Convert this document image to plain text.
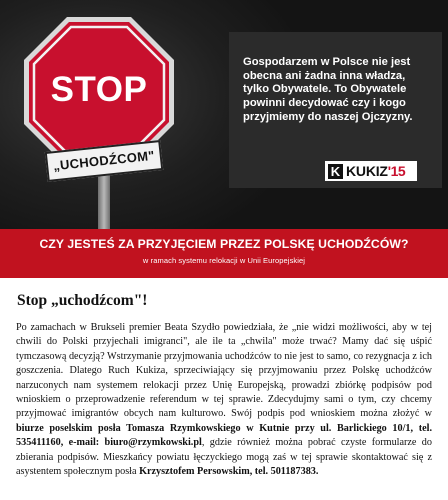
STOP
„UCHODŹCOM"
Gospodarzem w Polsce nie jest obecna ani żadna inna władza, tylko Obywatele. To Obywatele powinni decydować czy i kogo przyjmiemy do naszej Ojczyzny.
K KUKIZ '15
CZY JESTEŚ ZA PRZYJĘCIEM PRZEZ POLSKĘ UCHODŹCÓW?
w ramach systemu relokacji w Unii Europejskiej
Stop „uchodźcom"!
Po zamachach w Brukseli premier Beata Szydło powiedziała, że „nie widzi możliwości, aby w tej chwili do Polski przyjechali imigranci", ale ile ta „chwila" może trwać? Mamy dać się uśpić tymczasową decyzją? Wstrzymanie przyjmowania uchodźców to nie jest to samo, co rezygnacja z ich goszczenia. Dlatego Ruch Kukiza, sprzeciwiający się przyjmowaniu przez Polskę uchodźców narzuconych nam systemem relokacji przez Unię Europejską, prowadzi zbiórkę podpisów pod wnioskiem o przeprowadzenie referendum w tej sprawie. Zdecydujmy sami o tym, czy chcemy przyjmować imigrantów obcych nam kulturowo. Swój podpis pod wnioskiem można złożyć w biurze poselskim posła Tomasza Rzymkowskiego w Kutnie przy ul. Barlickiego 10/1, tel. 535411160, e-mail: biuro@rzymkowski.pl, gdzie również można pobrać czyste formularze do zbierania podpisów. Mieszkańcy powiatu łęczyckiego mogą zaś w tej sprawie skontaktować się z asystentem społecznym posła Krzysztofem Persowskim, tel. 501187383.
